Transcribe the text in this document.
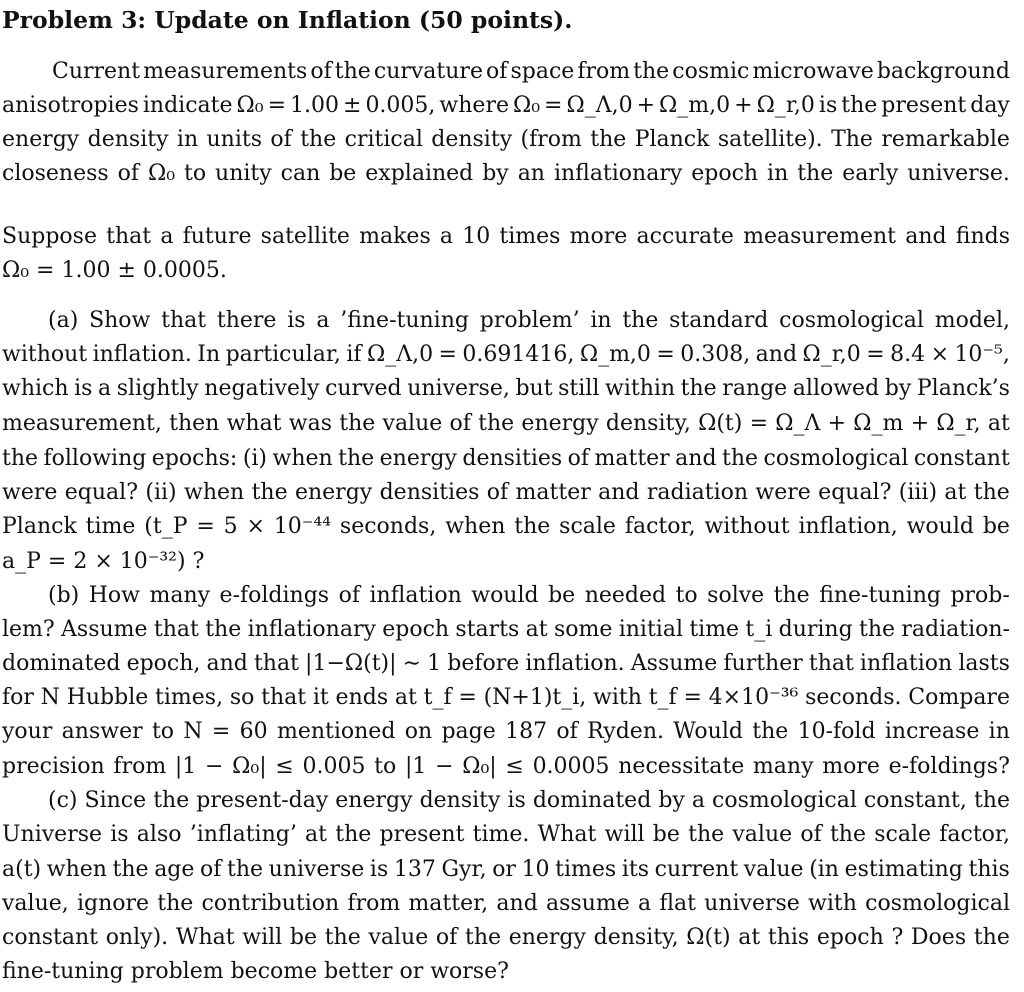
Problem 3: Update on Inflation (50 points).
Current measurements of the curvature of space from the cosmic microwave background
anisotropies indicate Ω₀ = 1.00 ± 0.005, where Ω₀ = Ω_Λ,0 + Ω_m,0 + Ω_r,0 is the present day
energy density in units of the critical density (from the Planck satellite). The remarkable
closeness of Ω₀ to unity can be explained by an inflationary epoch in the early universe.
Suppose that a future satellite makes a 10 times more accurate measurement and finds
Ω₀ = 1.00 ± 0.0005.
(a) Show that there is a ’fine-tuning problem’ in the standard cosmological model,
without inflation. In particular, if Ω_Λ,0 = 0.691416, Ω_m,0 = 0.308, and Ω_r,0 = 8.4 × 10⁻⁵,
which is a slightly negatively curved universe, but still within the range allowed by Planck’s
measurement, then what was the value of the energy density, Ω(t) = Ω_Λ + Ω_m + Ω_r, at
the following epochs: (i) when the energy densities of matter and the cosmological constant
were equal? (ii) when the energy densities of matter and radiation were equal? (iii) at the
Planck time (t_P = 5 × 10⁻⁴⁴ seconds, when the scale factor, without inflation, would be
a_P = 2 × 10⁻³²) ?
(b) How many e-foldings of inflation would be needed to solve the fine-tuning prob-
lem? Assume that the inflationary epoch starts at some initial time t_i during the radiation-
dominated epoch, and that |1−Ω(t)| ∼ 1 before inflation. Assume further that inflation lasts
for N Hubble times, so that it ends at t_f = (N+1)t_i, with t_f = 4×10⁻³⁶ seconds. Compare
your answer to N = 60 mentioned on page 187 of Ryden. Would the 10-fold increase in
precision from |1 − Ω₀| ≤ 0.005 to |1 − Ω₀| ≤ 0.0005 necessitate many more e-foldings?
(c) Since the present-day energy density is dominated by a cosmological constant, the
Universe is also ’inflating’ at the present time. What will be the value of the scale factor,
a(t) when the age of the universe is 137 Gyr, or 10 times its current value (in estimating this
value, ignore the contribution from matter, and assume a flat universe with cosmological
constant only). What will be the value of the energy density, Ω(t) at this epoch ? Does the
fine-tuning problem become better or worse?
